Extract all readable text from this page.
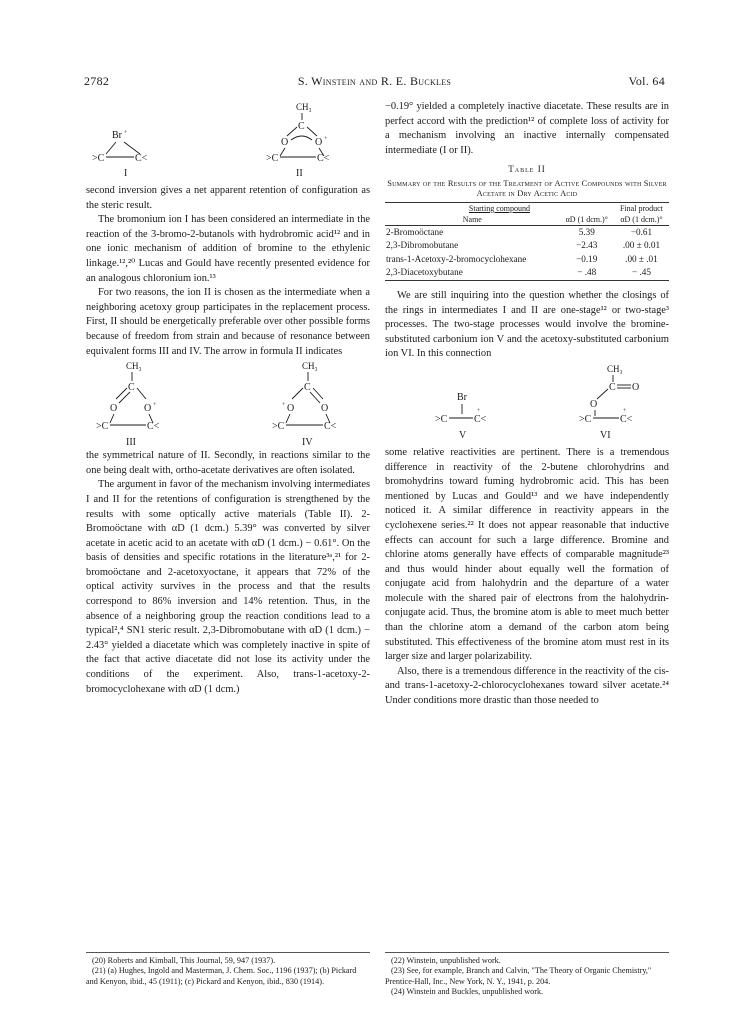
2782	S. Winstein and R. E. Buckles	Vol. 64
Br +
>C	C<
I
CH₃
C
O	O +
>C	C<
II

second inversion gives a net apparent retention of configuration as the steric result.

The bromonium ion I has been considered an intermediate in the reaction of the 3-bromo-2-butanols with hydrobromic acid¹² and in one ionic mechanism of addition of bromine to the ethylenic linkage.¹²,²⁰ Lucas and Gould have recently presented evidence for an analogous chloronium ion.¹³

For two reasons, the ion II is chosen as the intermediate when a neighboring acetoxy group participates in the replacement process. First, II should be energetically preferable over other possible forms because of freedom from strain and because of resonance between equivalent forms III and IV. The arrow in formula II indicates

CH₃
C
O	O +
>C	C<
III
CH₃
C
+ O	O
>C	C<
IV

the symmetrical nature of II. Secondly, in reactions similar to the one being dealt with, ortho-acetate derivatives are often isolated.

The argument in favor of the mechanism involving intermediates I and II for the retentions of configuration is strengthened by the results with some optically active materials (Table II). 2-Bromoöctane with αD (1 dcm.) 5.39° was converted by silver acetate in acetic acid to an acetate with αD (1 dcm.) − 0.61°. On the basis of densities and specific rotations in the literature³ᵃ,²¹ for 2-bromoöctane and 2-acetoxyoctane, it appears that 72% of the optical activity survives in the process and that the results correspond to 86% inversion and 14% retention. Thus, in the absence of a neighboring group the reaction conditions lead to a typical²,⁴ SN1 steric result. 2,3-Dibromobutane with αD (1 dcm.) − 2.43° yielded a diacetate which was completely inactive in spite of the fact that active diacetate did not lose its activity under the conditions of the experiment. Also, trans-1-acetoxy-2-bromocyclohexane with αD (1 dcm.)

−0.19° yielded a completely inactive diacetate. These results are in perfect accord with the prediction¹² of complete loss of activity for a mechanism involving an inactive internally compensated intermediate (I or II).

Table II
Summary of the Results of the Treatment of Active Compounds with Silver Acetate in Dry Acetic Acid
Starting compound		Final product
Name	αD (1 dcm.)°	αD (1 dcm.)°
2-Bromoöctane	5.39	−0.61
2,3-Dibromobutane	−2.43	.00 ± 0.01
trans-1-Acetoxy-2-bromocyclohexane	−0.19	.00 ± .01
2,3-Diacetoxybutane	− .48	− .45

We are still inquiring into the question whether the closings of the rings in intermediates I and II are one-stage¹² or two-stage³ processes. The two-stage processes would involve the bromine-substituted carbonium ion V and the acetoxy-substituted carbonium ion VI. In this connection

Br
>C	C<
+
V
CH₃
C O
O
>C	C<
+
VI

some relative reactivities are pertinent. There is a tremendous difference in reactivity of the 2-butene chlorohydrins and bromohydrins toward fuming hydrobromic acid. This has been mentioned by Lucas and Gould¹³ and we have independently noticed it. A similar difference in reactivity appears in the cyclohexene series.²² It does not appear reasonable that inductive effects can account for such a large difference. Bromine and chlorine atoms generally have effects of comparable magnitude²³ and thus would hinder about equally well the formation of conjugate acid from halohydrin and the departure of a water molecule with the shared pair of electrons from the halohydrin-conjugate acid. Thus, the bromine atom is able to meet much better than the chlorine atom a demand of the carbon atom being substituted. This effectiveness of the bromine atom must rest in its larger size and larger polarizability.

Also, there is a tremendous difference in the reactivity of the cis- and trans-1-acetoxy-2-chlorocyclohexanes toward silver acetate.²⁴ Under conditions more drastic than those needed to

(20) Roberts and Kimball, This Journal, 59, 947 (1937).

(21) (a) Hughes, Ingold and Masterman, J. Chem. Soc., 1196 (1937); (b) Pickard and Kenyon, ibid., 45 (1911); (c) Pickard and Kenyon, ibid., 830 (1914).

(22) Winstein, unpublished work.

(23) See, for example, Branch and Calvin, "The Theory of Organic Chemistry," Prentice-Hall, Inc., New York, N. Y., 1941, p. 204.

(24) Winstein and Buckles, unpublished work.
